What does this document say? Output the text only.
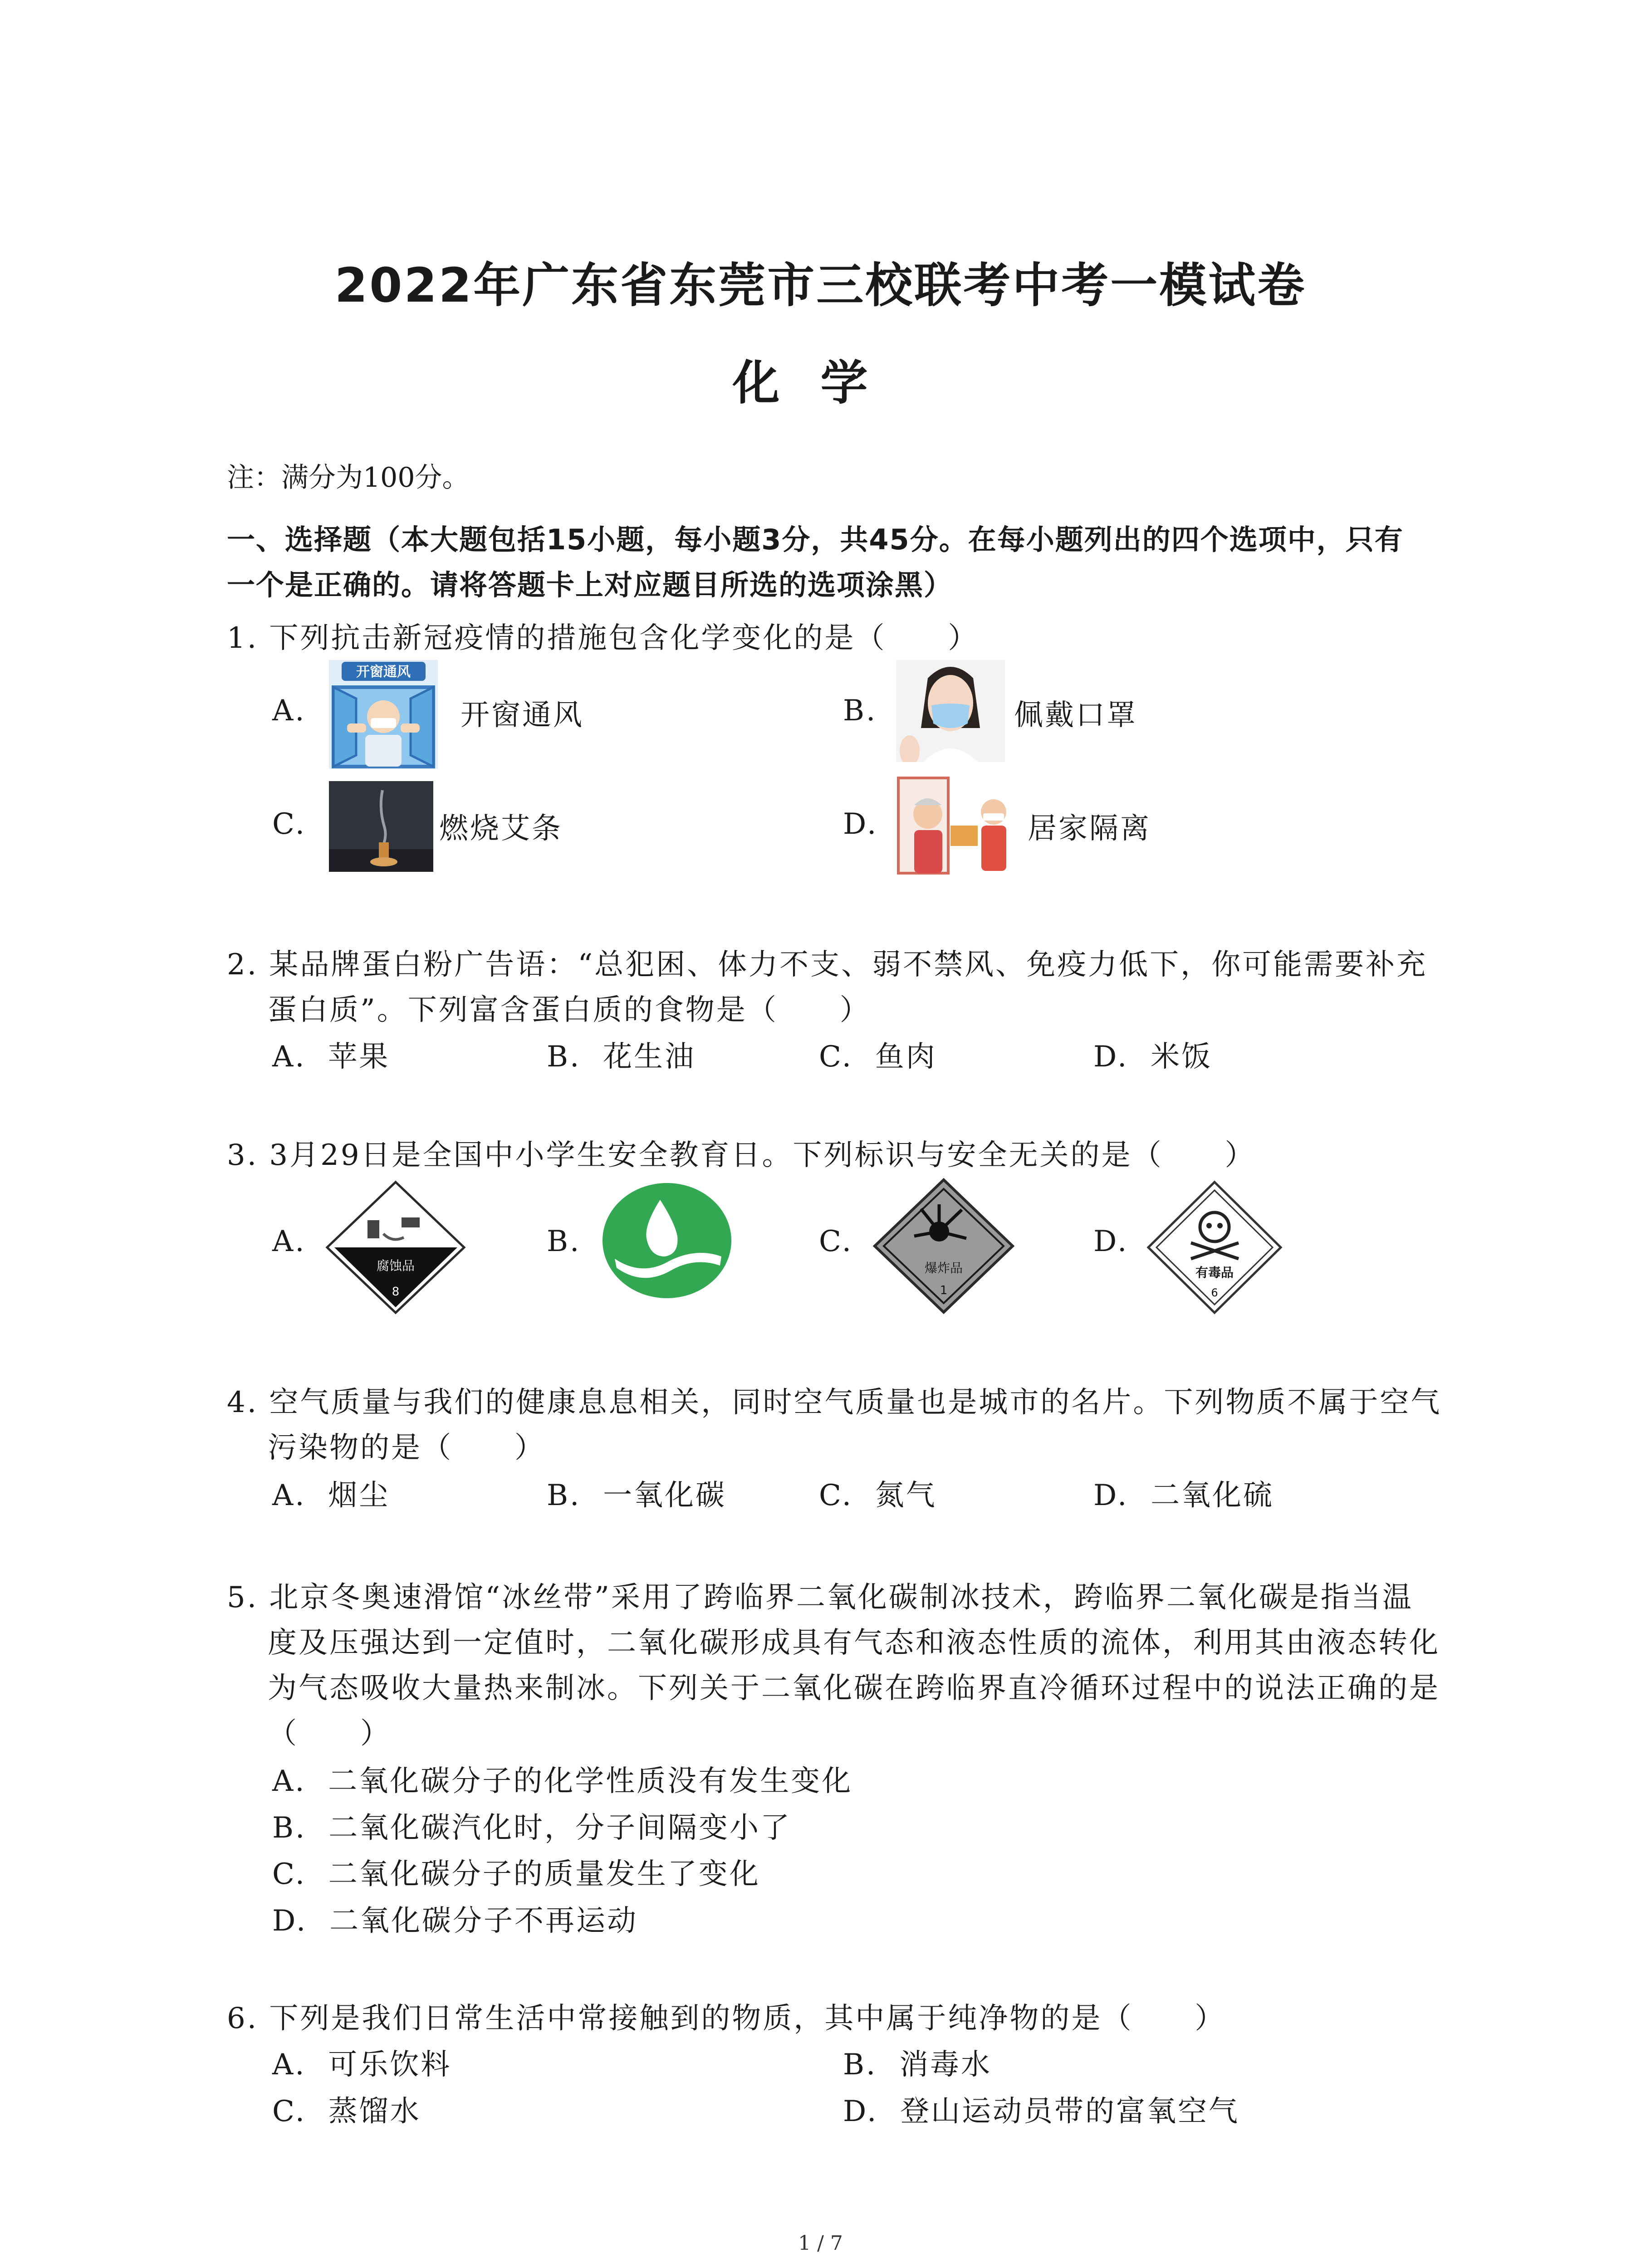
2022年广东省东莞市三校联考中考一模试卷
化学
注：满分为100分。
一、选择题（本大题包括15小题，每小题3分，共45分。在每小题列出的四个选项中，只有
一个是正确的。请将答题卡上对应题目所选的选项涂黑）
1. 下列抗击新冠疫情的措施包含化学变化的是（　　）
A.
开窗通风
开窗通风	B.	佩戴口罩
C.	燃烧艾条	D.	居家隔离
2. 某品牌蛋白粉广告语：“总犯困、体力不支、弱不禁风、免疫力低下，你可能需要补充
蛋白质”。下列富含蛋白质的食物是（　　）
A. 苹果	B. 花生油	C. 鱼肉	D. 米饭
3. 3月29日是全国中小学生安全教育日。下列标识与安全无关的是（　　）
A.
腐蚀品
8
B.	C.
爆炸品
1
D.
有毒品
6
4. 空气质量与我们的健康息息相关，同时空气质量也是城市的名片。下列物质不属于空气
污染物的是（　　）
A. 烟尘	B. 一氧化碳	C. 氮气	D. 二氧化硫
5. 北京冬奥速滑馆“冰丝带”采用了跨临界二氧化碳制冰技术，跨临界二氧化碳是指当温
度及压强达到一定值时，二氧化碳形成具有气态和液态性质的流体，利用其由液态转化
为气态吸收大量热来制冰。下列关于二氧化碳在跨临界直冷循环过程中的说法正确的是
（　　）
A. 二氧化碳分子的化学性质没有发生变化
B. 二氧化碳汽化时，分子间隔变小了
C. 二氧化碳分子的质量发生了变化
D. 二氧化碳分子不再运动
6. 下列是我们日常生活中常接触到的物质，其中属于纯净物的是（　　）
A. 可乐饮料	B. 消毒水
C. 蒸馏水	D. 登山运动员带的富氧空气
1 / 7
